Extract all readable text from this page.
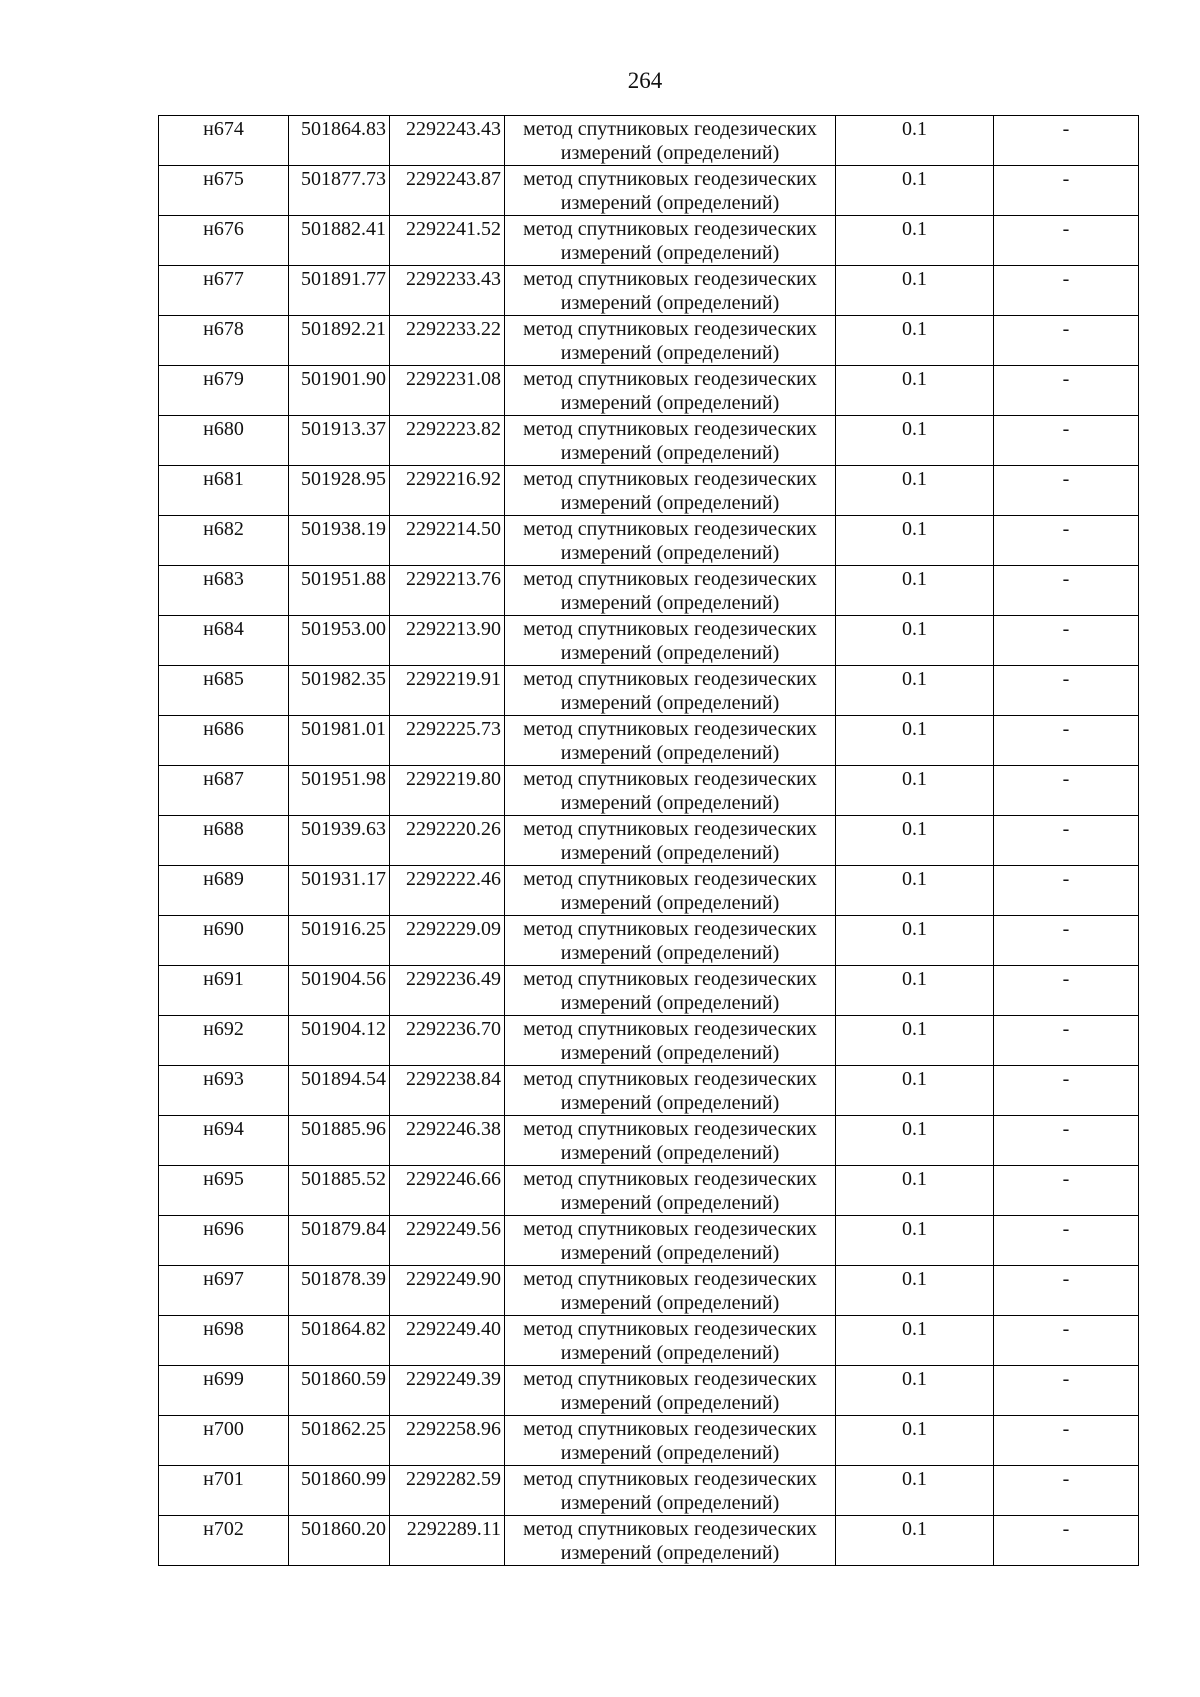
264
н674	501864.83	2292243.43	метод спутниковых геодезических измерений (определений)	0.1	-
н675	501877.73	2292243.87	метод спутниковых геодезических измерений (определений)	0.1	-
н676	501882.41	2292241.52	метод спутниковых геодезических измерений (определений)	0.1	-
н677	501891.77	2292233.43	метод спутниковых геодезических измерений (определений)	0.1	-
н678	501892.21	2292233.22	метод спутниковых геодезических измерений (определений)	0.1	-
н679	501901.90	2292231.08	метод спутниковых геодезических измерений (определений)	0.1	-
н680	501913.37	2292223.82	метод спутниковых геодезических измерений (определений)	0.1	-
н681	501928.95	2292216.92	метод спутниковых геодезических измерений (определений)	0.1	-
н682	501938.19	2292214.50	метод спутниковых геодезических измерений (определений)	0.1	-
н683	501951.88	2292213.76	метод спутниковых геодезических измерений (определений)	0.1	-
н684	501953.00	2292213.90	метод спутниковых геодезических измерений (определений)	0.1	-
н685	501982.35	2292219.91	метод спутниковых геодезических измерений (определений)	0.1	-
н686	501981.01	2292225.73	метод спутниковых геодезических измерений (определений)	0.1	-
н687	501951.98	2292219.80	метод спутниковых геодезических измерений (определений)	0.1	-
н688	501939.63	2292220.26	метод спутниковых геодезических измерений (определений)	0.1	-
н689	501931.17	2292222.46	метод спутниковых геодезических измерений (определений)	0.1	-
н690	501916.25	2292229.09	метод спутниковых геодезических измерений (определений)	0.1	-
н691	501904.56	2292236.49	метод спутниковых геодезических измерений (определений)	0.1	-
н692	501904.12	2292236.70	метод спутниковых геодезических измерений (определений)	0.1	-
н693	501894.54	2292238.84	метод спутниковых геодезических измерений (определений)	0.1	-
н694	501885.96	2292246.38	метод спутниковых геодезических измерений (определений)	0.1	-
н695	501885.52	2292246.66	метод спутниковых геодезических измерений (определений)	0.1	-
н696	501879.84	2292249.56	метод спутниковых геодезических измерений (определений)	0.1	-
н697	501878.39	2292249.90	метод спутниковых геодезических измерений (определений)	0.1	-
н698	501864.82	2292249.40	метод спутниковых геодезических измерений (определений)	0.1	-
н699	501860.59	2292249.39	метод спутниковых геодезических измерений (определений)	0.1	-
н700	501862.25	2292258.96	метод спутниковых геодезических измерений (определений)	0.1	-
н701	501860.99	2292282.59	метод спутниковых геодезических измерений (определений)	0.1	-
н702	501860.20	2292289.11	метод спутниковых геодезических измерений (определений)	0.1	-
